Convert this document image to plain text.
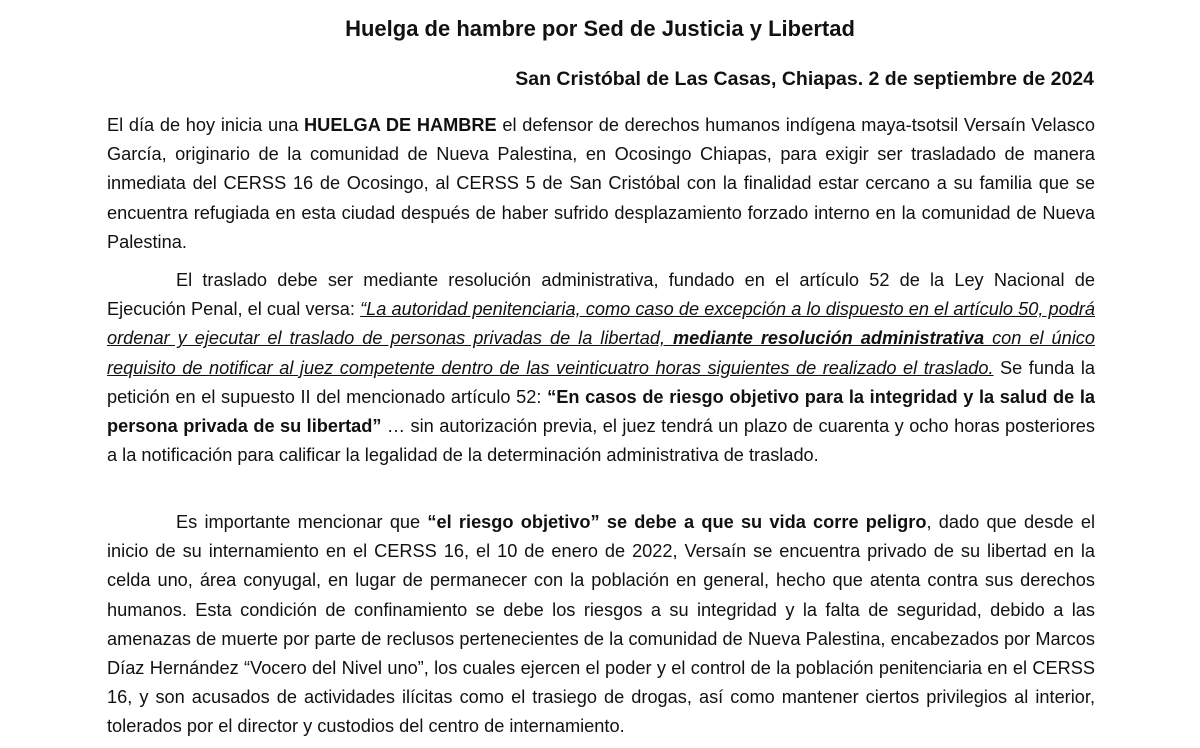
Huelga de hambre por Sed de Justicia y Libertad
San Cristóbal de Las Casas, Chiapas. 2 de septiembre de 2024

El día de hoy inicia una HUELGA DE HAMBRE el defensor de derechos humanos indígena maya-tsotsil Versaín Velasco García, originario de la comunidad de Nueva Palestina, en Ocosingo Chiapas, para exigir ser trasladado de manera inmediata del CERSS 16 de Ocosingo, al CERSS 5 de San Cristóbal con la finalidad estar cercano a su familia que se encuentra refugiada en esta ciudad después de haber sufrido desplazamiento forzado interno en la comunidad de Nueva Palestina.

El traslado debe ser mediante resolución administrativa, fundado en el artículo 52 de la Ley Nacional de Ejecución Penal, el cual versa: “La autoridad penitenciaria, como caso de excepción a lo dispuesto en el artículo 50, podrá ordenar y ejecutar el traslado de personas privadas de la libertad, mediante resolución administrativa con el único requisito de notificar al juez competente dentro de las veinticuatro horas siguientes de realizado el traslado. Se funda la petición en el supuesto II del mencionado artículo 52: “En casos de riesgo objetivo para la integridad y la salud de la persona privada de su libertad” … sin autorización previa, el juez tendrá un plazo de cuarenta y ocho horas posteriores a la notificación para calificar la legalidad de la determinación administrativa de traslado.

Es importante mencionar que “el riesgo objetivo” se debe a que su vida corre peligro, dado que desde el inicio de su internamiento en el CERSS 16, el 10 de enero de 2022, Versaín se encuentra privado de su libertad en la celda uno, área conyugal, en lugar de permanecer con la población en general, hecho que atenta contra sus derechos humanos. Esta condición de confinamiento se debe los riesgos a su integridad y la falta de seguridad, debido a las amenazas de muerte por parte de reclusos pertenecientes de la comunidad de Nueva Palestina, encabezados por Marcos Díaz Hernández “Vocero del Nivel uno”, los cuales ejercen el poder y el control de la población penitenciaria en el CERSS 16, y son acusados de actividades ilícitas como el trasiego de drogas, así como mantener ciertos privilegios al interior, tolerados por el director y custodios del centro de internamiento.
